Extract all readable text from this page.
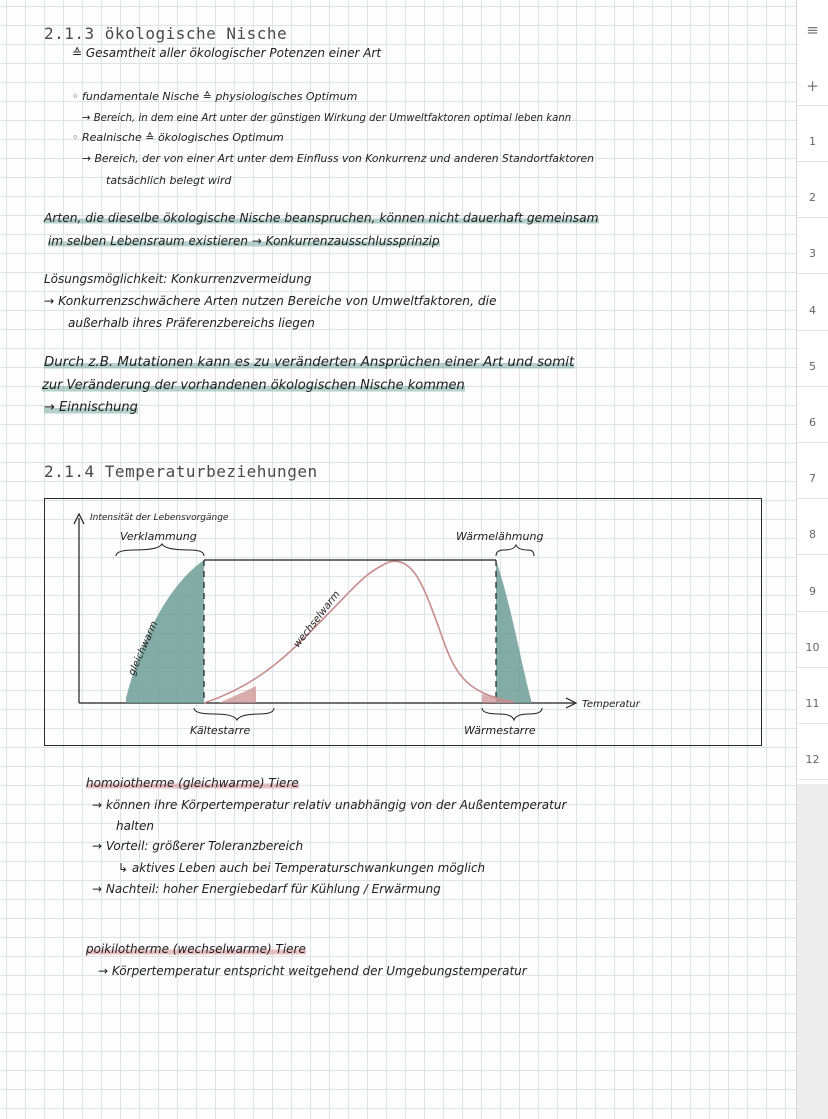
2.1.3 ökologische Nische
≙ Gesamtheit aller ökologischer Potenzen einer Art
◦ fundamentale Nische ≙ physiologisches Optimum
→ Bereich, in dem eine Art unter der günstigen Wirkung der Umweltfaktoren optimal leben kann
◦ Realnische ≙ ökologisches Optimum
→ Bereich, der von einer Art unter dem Einfluss von Konkurrenz und anderen Standortfaktoren
tatsächlich belegt wird
Arten, die dieselbe ökologische Nische beanspruchen, können nicht dauerhaft gemeinsam
im selben Lebensraum existieren → Konkurrenzausschlussprinzip
Lösungsmöglichkeit: Konkurrenzvermeidung
→ Konkurrenzschwächere Arten nutzen Bereiche von Umweltfaktoren, die
außerhalb ihres Präferenzbereichs liegen
Durch z.B. Mutationen kann es zu veränderten Ansprüchen einer Art und somit
zur Veränderung der vorhandenen ökologischen Nische kommen
→ Einnischung
2.1.4 Temperaturbeziehungen
Intensität der Lebensvorgänge
Temperatur
Verklammung	Wärmelähmung
Kältestarre	Wärmestarre
gleichwarm	wechselwarm
homoiotherme (gleichwarme) Tiere
→ können ihre Körpertemperatur relativ unabhängig von der Außentemperatur
halten
→ Vorteil: größerer Toleranzbereich
↳ aktives Leben auch bei Temperaturschwankungen möglich
→ Nachteil: hoher Energiebedarf für Kühlung / Erwärmung
poikilotherme (wechselwarme) Tiere
→ Körpertemperatur entspricht weitgehend der Umgebungstemperatur
≡
+
1
2
3
4
5
6
7
8
9
10
11
12
